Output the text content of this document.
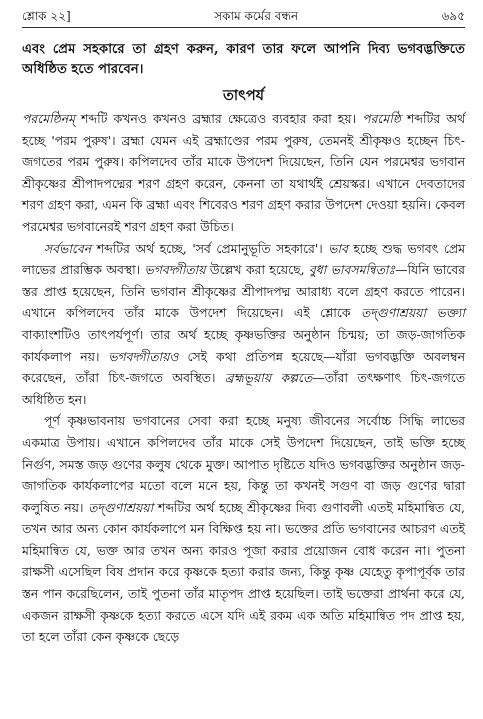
শ্লোক ২২]	সকাম কর্মের বন্ধন	৬৯৫
এবং প্রেম সহকারে তা গ্রহণ করুন, কারণ তার ফলে আপনি দিব্য ভগবদ্ভক্তিতে অধিষ্ঠিত হতে পারবেন।
তাৎপর্য

পরমেষ্ঠিনম্ শব্দটি কখনও কখনও ব্রহ্মার ক্ষেত্রেও ব্যবহার করা হয়। পরমেষ্ঠি শব্দটির অর্থ হচ্ছে 'পরম পুরুষ'। ব্রহ্মা যেমন এই ব্রহ্মাণ্ডের পরম পুরুষ, তেমনই শ্রীকৃষ্ণও হচ্ছেন চিৎ-জগতের পরম পুরুষ। কপিলদেব তাঁর মাকে উপদেশ দিয়েছেন, তিনি যেন পরমেশ্বর ভগবান শ্রীকৃষ্ণের শ্রীপাদপদ্মের শরণ গ্রহণ করেন, কেননা তা যথার্থই শ্রেয়স্কর। এখানে দেবতাদের শরণ গ্রহণ করা, এমন কি ব্রহ্মা এবং শিবেরও শরণ গ্রহণ করার উপদেশ দেওয়া হয়নি। কেবল পরমেশ্বর ভগবানেরই শরণ গ্রহণ করা উচিত।

সর্বভাবেন শব্দটির অর্থ হচ্ছে, 'সর্ব প্রেমানুভূতি সহকারে'। ভাব হচ্ছে শুদ্ধ ভগবৎ প্রেম লাভের প্রারম্ভিক অবস্থা। ভগবদ্গীতায় উল্লেখ করা হয়েছে, বুধা ভাবসমন্বিতাঃ—যিনি ভাবের স্তর প্রাপ্ত হয়েছেন, তিনি ভগবান শ্রীকৃষ্ণের শ্রীপাদপদ্ম আরাধ্য বলে গ্রহণ করতে পারেন। এখানে কপিলদেব তাঁর মাকে উপদেশ দিয়েছেন। এই শ্লোকে তদ্গুণাশ্রয়য়া ভক্ত্যা বাক্যাংশটিও তাৎপর্যপূর্ণ। তার অর্থ হচ্ছে কৃষ্ণভক্তির অনুষ্ঠান চিন্ময়; তা জড়-জাগতিক কার্যকলাপ নয়। ভগবদ্গীতায়ও সেই কথা প্রতিপন্ন হয়েছে—যাঁরা ভগবদ্ভক্তি অবলম্বন করেছেন, তাঁরা চিৎ-জগতে অবস্থিত। ব্রহ্মভূয়ায় কল্পতে—তাঁরা তৎক্ষণাৎ চিৎ-জগতে অধিষ্ঠিত হন।

পূর্ণ কৃষ্ণভাবনায় ভগবানের সেবা করা হচ্ছে মনুষ্য জীবনের সর্বোচ্চ সিদ্ধি লাভের একমাত্র উপায়। এখানে কপিলদেব তাঁর মাকে সেই উপদেশ দিয়েছেন, তাই ভক্তি হচ্ছে নির্গুণ, সমস্ত জড় গুণের কলুষ থেকে মুক্ত। আপাত দৃষ্টিতে যদিও ভগবদ্ভক্তির অনুষ্ঠান জড়-জাগতিক কার্যকলাপের মতো বলে মনে হয়, কিন্তু তা কখনই সগুণ বা জড় গুণের দ্বারা কলুষিত নয়। তদ্গুণাশ্রয়য়া শব্দটির অর্থ হচ্ছে শ্রীকৃষ্ণের দিব্য গুণাবলী এতই মহিমান্বিত যে, তখন আর অন্য কোন কার্যকলাপে মন বিক্ষিপ্ত হয় না। ভক্তের প্রতি ভগবানের আচরণ এতই মহিমান্বিত যে, ভক্ত আর তখন অন্য কারও পূজা করার প্রয়োজন বোধ করেন না। পুতনা রাক্ষসী এসেছিল বিষ প্রদান করে কৃষ্ণকে হত্যা করার জন্য, কিন্তু কৃষ্ণ যেহেতু কৃপাপূর্বক তার স্তন পান করেছিলেন, তাই পুতনা তাঁর মাতৃপদ প্রাপ্ত হয়েছিল। তাই ভক্তেরা প্রার্থনা করে যে, একজন রাক্ষসী কৃষ্ণকে হত্যা করতে এসে যদি এই রকম এক অতি মহিমান্বিত পদ প্রাপ্ত হয়, তা হলে তাঁরা কেন কৃষ্ণকে ছেড়ে
